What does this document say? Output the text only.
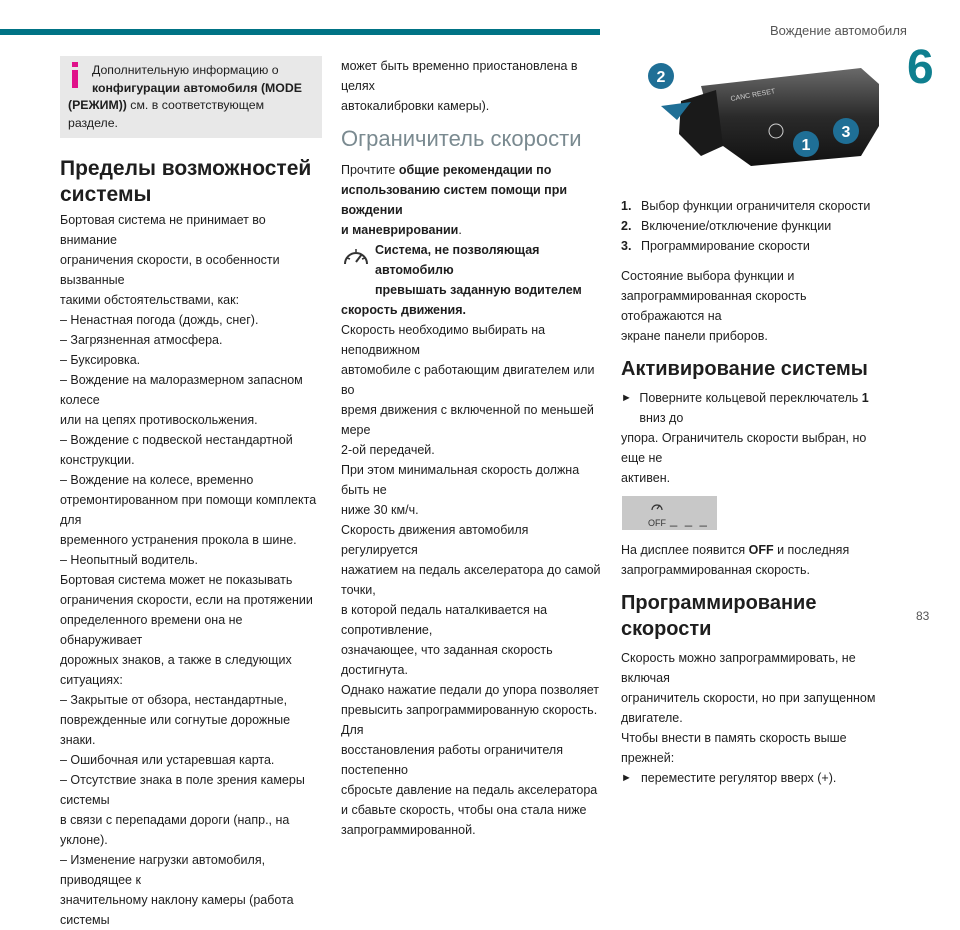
Вождение автомобиля
6
83
Дополнительную информацию о
конфигурации автомобиля (MODE
(РЕЖИМ)) см. в соответствующем разделе.
Пределы возможностей
системы

Бортовая система не принимает во внимание

ограничения скорости, в особенности вызванные

такими обстоятельствами, как:

– Ненастная погода (дождь, снег).

– Загрязненная атмосфера.

– Буксировка.

– Вождение на малоразмерном запасном колесе

или на цепях противоскольжения.

– Вождение с подвеской нестандартной

конструкции.

– Вождение на колесе, временно

отремонтированном при помощи комплекта для

временного устранения прокола в шине.

– Неопытный водитель.

Бортовая система может не показывать

ограничения скорости, если на протяжении

определенного времени она не обнаруживает

дорожных знаков, а также в следующих ситуациях:

– Закрытые от обзора, нестандартные,

поврежденные или согнутые дорожные знаки.

– Ошибочная или устаревшая карта.

– Отсутствие знака в поле зрения камеры системы

в связи с перепадами дороги (напр., на уклоне).

– Изменение нагрузки автомобиля, приводящее к

значительному наклону камеры (работа системы

может быть временно приостановлена в целях

автокалибровки камеры).

Ограничитель скорости

Прочтите общие рекомендации по

использованию систем помощи при вождении

и маневрировании.

Система, не позволяющая автомобилю

превышать заданную водителем

скорость движения.

Скорость необходимо выбирать на неподвижном

автомобиле с работающим двигателем или во

время движения с включенной по меньшей мере

2-ой передачей.

При этом минимальная скорость должна быть не

ниже 30 км/ч.

Скорость движения автомобиля регулируется

нажатием на педаль акселератора до самой точки,

в которой педаль наталкивается на сопротивление,

означающее, что заданная скорость достигнута.

Однако нажатие педали до упора позволяет

превысить запрограммированную скорость. Для

восстановления работы ограничителя постепенно

сбросьте давление на педаль акселератора

и сбавьте скорость, чтобы она стала ниже

запрограммированной.

CANC RESET
2
3
1
1. Выбор функции ограничителя скорости
2. Включение/отключение функции
3. Программирование скорости

Состояние выбора функции и

запрограммированная скорость отображаются на

экране панели приборов.

Активирование системы
► Поверните кольцевой переключатель 1 вниз до

упора. Ограничитель скорости выбран, но еще не

активен.

OFF _ _ _

На дисплее появится OFF и последняя

запрограммированная скорость.

Программирование скорости

Скорость можно запрограммировать, не включая

ограничитель скорости, но при запущенном

двигателе.

Чтобы внести в память скорость выше прежней:

► переместите регулятор вверх (+).
